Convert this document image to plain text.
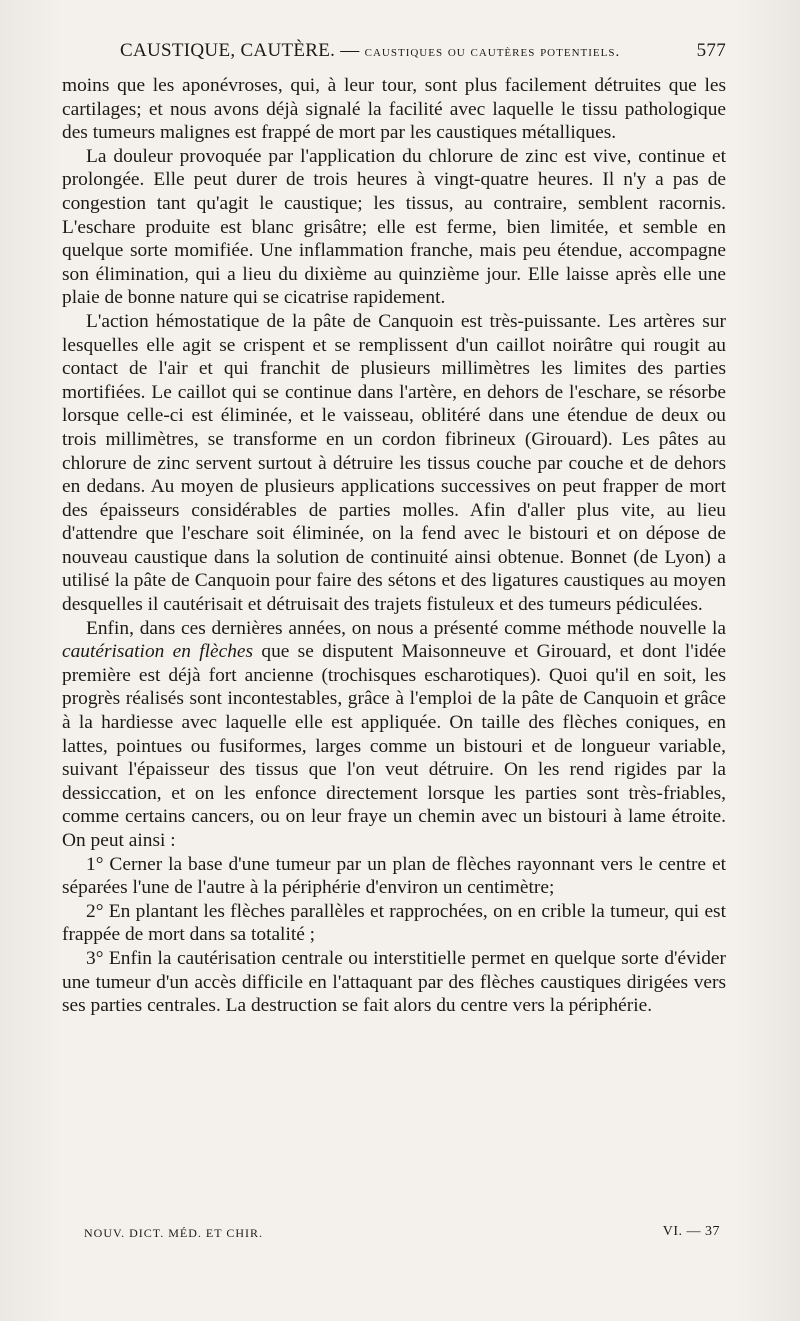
CAUSTIQUE, CAUTÈRE. — caustiques ou cautères potentiels.	577

moins que les aponévroses, qui, à leur tour, sont plus facilement détruites que les cartilages; et nous avons déjà signalé la facilité avec laquelle le tissu pathologique des tumeurs malignes est frappé de mort par les caustiques métalliques.

La douleur provoquée par l'application du chlorure de zinc est vive, continue et prolongée. Elle peut durer de trois heures à vingt-quatre heures. Il n'y a pas de congestion tant qu'agit le caustique; les tissus, au contraire, semblent racornis. L'eschare produite est blanc grisâtre; elle est ferme, bien limitée, et semble en quelque sorte momifiée. Une inflammation franche, mais peu étendue, accompagne son élimination, qui a lieu du dixième au quinzième jour. Elle laisse après elle une plaie de bonne nature qui se cicatrise rapidement.

L'action hémostatique de la pâte de Canquoin est très-puissante. Les artères sur lesquelles elle agit se crispent et se remplissent d'un caillot noirâtre qui rougit au contact de l'air et qui franchit de plusieurs millimètres les limites des parties mortifiées. Le caillot qui se continue dans l'artère, en dehors de l'eschare, se résorbe lorsque celle-ci est éliminée, et le vaisseau, oblitéré dans une étendue de deux ou trois millimètres, se transforme en un cordon fibrineux (Girouard). Les pâtes au chlorure de zinc servent surtout à détruire les tissus couche par couche et de dehors en dedans. Au moyen de plusieurs applications successives on peut frapper de mort des épaisseurs considérables de parties molles. Afin d'aller plus vite, au lieu d'attendre que l'eschare soit éliminée, on la fend avec le bistouri et on dépose de nouveau caustique dans la solution de continuité ainsi obtenue. Bonnet (de Lyon) a utilisé la pâte de Canquoin pour faire des sétons et des ligatures caustiques au moyen desquelles il cautérisait et détruisait des trajets fistuleux et des tumeurs pédiculées.

Enfin, dans ces dernières années, on nous a présenté comme méthode nouvelle la cautérisation en flèches que se disputent Maisonneuve et Girouard, et dont l'idée première est déjà fort ancienne (trochisques escharotiques). Quoi qu'il en soit, les progrès réalisés sont incontestables, grâce à l'emploi de la pâte de Canquoin et grâce à la hardiesse avec laquelle elle est appliquée. On taille des flèches coniques, en lattes, pointues ou fusiformes, larges comme un bistouri et de longueur variable, suivant l'épaisseur des tissus que l'on veut détruire. On les rend rigides par la dessiccation, et on les enfonce directement lorsque les parties sont très-friables, comme certains cancers, ou on leur fraye un chemin avec un bistouri à lame étroite. On peut ainsi :

1° Cerner la base d'une tumeur par un plan de flèches rayonnant vers le centre et séparées l'une de l'autre à la périphérie d'environ un centimètre;

2° En plantant les flèches parallèles et rapprochées, on en crible la tumeur, qui est frappée de mort dans sa totalité ;

3° Enfin la cautérisation centrale ou interstitielle permet en quelque sorte d'évider une tumeur d'un accès difficile en l'attaquant par des flèches caustiques dirigées vers ses parties centrales. La destruction se fait alors du centre vers la périphérie.

NOUV. DICT. MÉD. ET CHIR.	VI. — 37
